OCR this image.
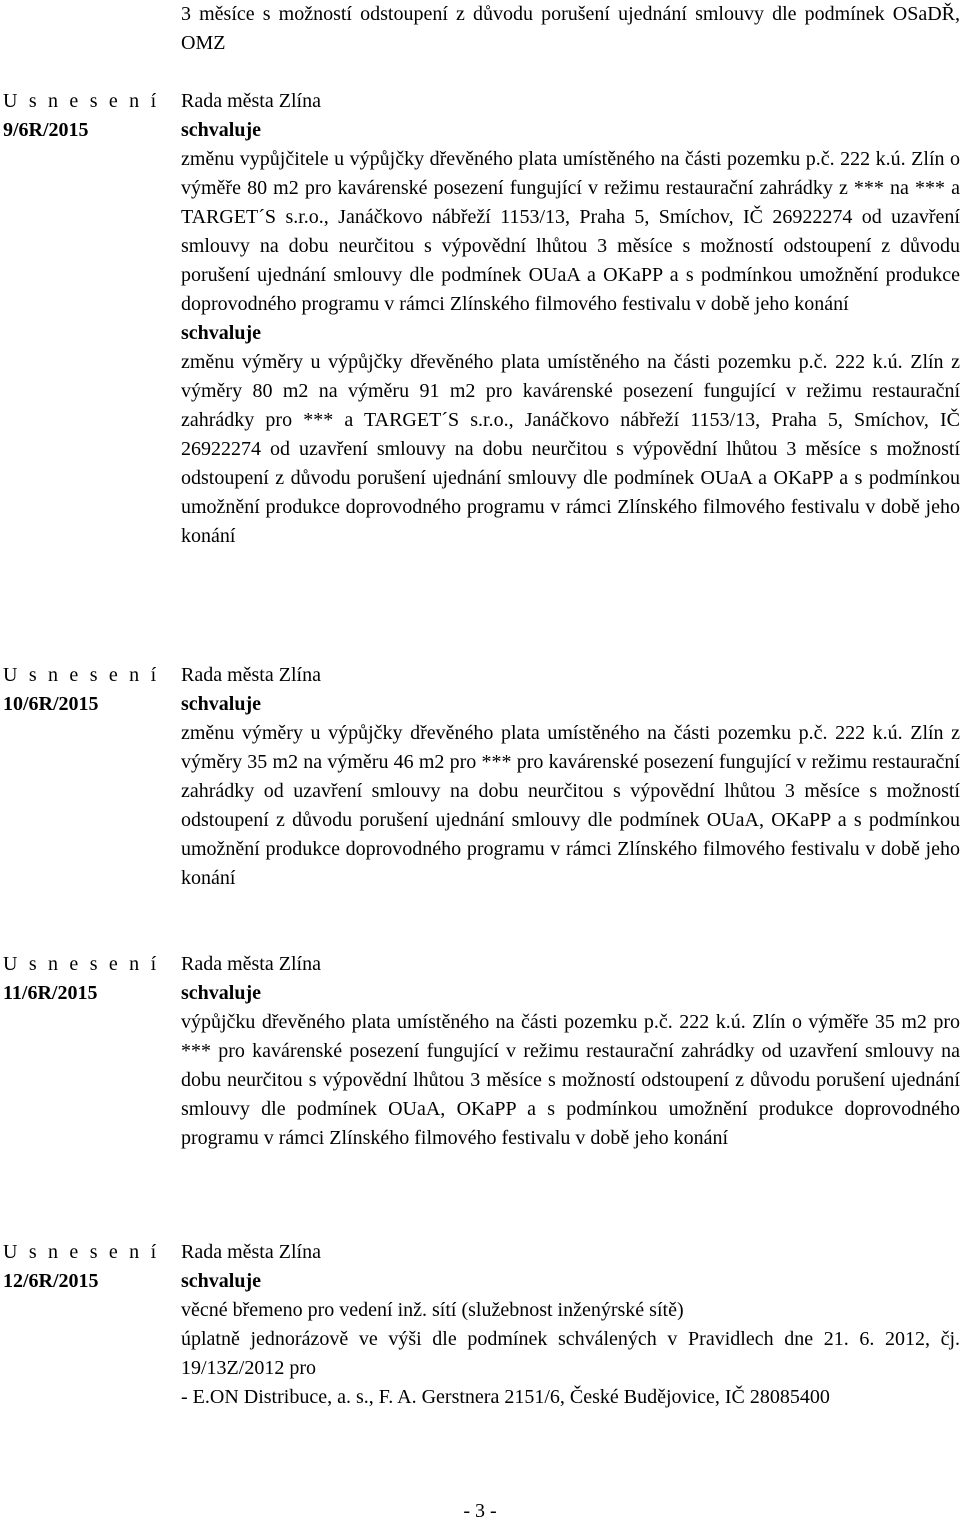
3 měsíce s možností odstoupení z důvodu porušení ujednání smlouvy dle podmínek OSaDŘ, OMZ

U s n e s e n í
9/6R/2015
Rada města Zlína
schvaluje

změnu vypůjčitele u výpůjčky dřevěného plata umístěného na části pozemku p.č. 222 k.ú. Zlín o výměře 80 m2 pro kavárenské posezení fungující v režimu restaurační zahrádky z *** na *** a TARGET´S s.r.o., Janáčkovo nábřeží 1153/13, Praha 5, Smíchov, IČ 26922274 od uzavření smlouvy na dobu neurčitou s výpovědní lhůtou 3 měsíce s možností odstoupení z důvodu porušení ujednání smlouvy dle podmínek OUaA a OKaPP a s podmínkou umožnění produkce doprovodného programu v rámci Zlínského filmového festivalu v době jeho konání

schvaluje

změnu výměry u výpůjčky dřevěného plata umístěného na části pozemku p.č. 222 k.ú. Zlín z výměry 80 m2 na výměru 91 m2 pro kavárenské posezení fungující v režimu restaurační zahrádky pro *** a TARGET´S s.r.o., Janáčkovo nábřeží 1153/13, Praha 5, Smíchov, IČ 26922274 od uzavření smlouvy na dobu neurčitou s výpovědní lhůtou 3 měsíce s možností odstoupení z důvodu porušení ujednání smlouvy dle podmínek OUaA a OKaPP a s podmínkou umožnění produkce doprovodného programu v rámci Zlínského filmového festivalu v době jeho konání

U s n e s e n í
10/6R/2015
Rada města Zlína
schvaluje

změnu výměry u výpůjčky dřevěného plata umístěného na části pozemku p.č. 222 k.ú. Zlín z výměry 35 m2 na výměru 46 m2 pro *** pro kavárenské posezení fungující v režimu restaurační zahrádky od uzavření smlouvy na dobu neurčitou s výpovědní lhůtou 3 měsíce s možností odstoupení z důvodu porušení ujednání smlouvy dle podmínek OUaA, OKaPP a s podmínkou umožnění produkce doprovodného programu v rámci Zlínského filmového festivalu v době jeho konání

U s n e s e n í
11/6R/2015
Rada města Zlína
schvaluje

výpůjčku dřevěného plata umístěného na části pozemku p.č. 222 k.ú. Zlín o výměře 35 m2 pro *** pro kavárenské posezení fungující v režimu restaurační zahrádky od uzavření smlouvy na dobu neurčitou s výpovědní lhůtou 3 měsíce s možností odstoupení z důvodu porušení ujednání smlouvy dle podmínek OUaA, OKaPP a s podmínkou umožnění produkce doprovodného programu v rámci Zlínského filmového festivalu v době jeho konání

U s n e s e n í
12/6R/2015
Rada města Zlína
schvaluje

věcné břemeno pro vedení inž. sítí (služebnost inženýrské sítě)

úplatně jednorázově ve výši dle podmínek schválených v Pravidlech dne 21. 6. 2012, čj. 19/13Z/2012 pro

- E.ON Distribuce, a. s., F. A. Gerstnera 2151/6, České Budějovice, IČ 28085400

- 3 -
